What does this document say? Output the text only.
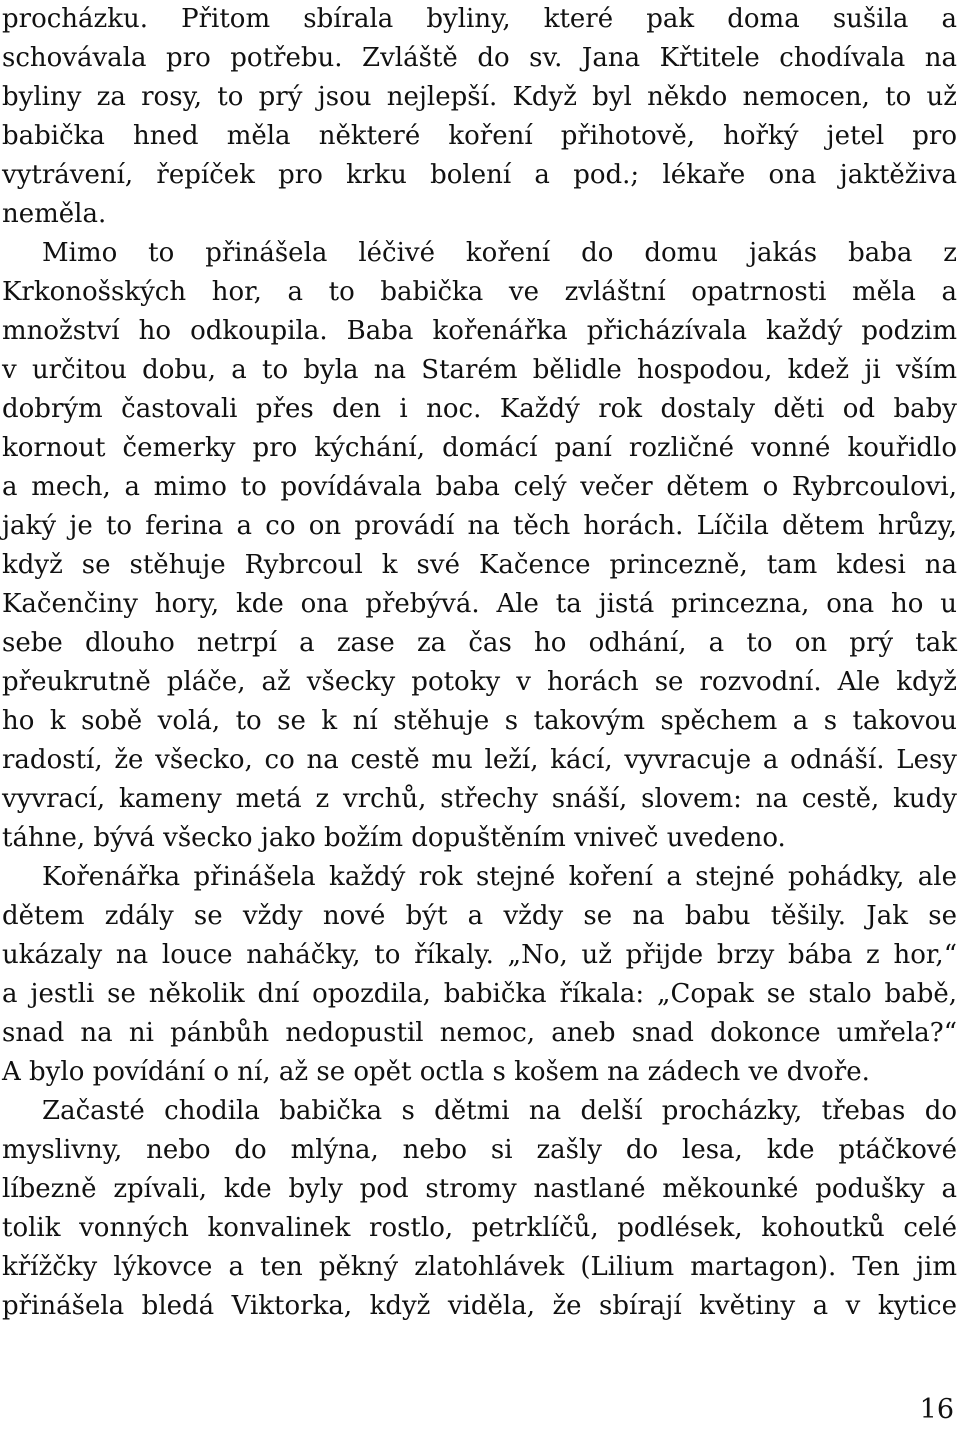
procházku. Přitom sbírala byliny, které pak doma sušila a
schovávala pro potřebu. Zvláště do sv. Jana Křtitele chodívala na
byliny za rosy, to prý jsou nejlepší. Když byl někdo nemocen, to už
babička hned měla některé koření přihotově, hořký jetel pro
vytrávení, řepíček pro krku bolení a pod.; lékaře ona jaktěživa
neměla.
Mimo to přinášela léčivé koření do domu jakás baba z
Krkonošských hor, a to babička ve zvláštní opatrnosti měla a
množství ho odkoupila. Baba kořenářka přicházívala každý podzim
v určitou dobu, a to byla na Starém bělidle hospodou, kdež ji vším
dobrým častovali přes den i noc. Každý rok dostaly děti od baby
kornout čemerky pro kýchání, domácí paní rozličné vonné kouřidlo
a mech, a mimo to povídávala baba celý večer dětem o Rybrcoulovi,
jaký je to ferina a co on provádí na těch horách. Líčila dětem hrůzy,
když se stěhuje Rybrcoul k své Kačence princezně, tam kdesi na
Kačenčiny hory, kde ona přebývá. Ale ta jistá princezna, ona ho u
sebe dlouho netrpí a zase za čas ho odhání, a to on prý tak
přeukrutně pláče, až všecky potoky v horách se rozvodní. Ale když
ho k sobě volá, to se k ní stěhuje s takovým spěchem a s takovou
radostí, že všecko, co na cestě mu leží, kácí, vyvracuje a odnáší. Lesy
vyvrací, kameny metá z vrchů, střechy snáší, slovem: na cestě, kudy
táhne, bývá všecko jako božím dopuštěním vniveč uvedeno.
Kořenářka přinášela každý rok stejné koření a stejné pohádky, ale
dětem zdály se vždy nové být a vždy se na babu těšily. Jak se
ukázaly na louce naháčky, to říkaly. „No, už přijde brzy bába z hor,“
a jestli se několik dní opozdila, babička říkala: „Copak se stalo babě,
snad na ni pánbůh nedopustil nemoc, aneb snad dokonce umřela?“
A bylo povídání o ní, až se opět octla s košem na zádech ve dvoře.
Začasté chodila babička s dětmi na delší procházky, třebas do
myslivny, nebo do mlýna, nebo si zašly do lesa, kde ptáčkové
líbezně zpívali, kde byly pod stromy nastlané měkounké podušky a
tolik vonných konvalinek rostlo, petrklíčů, podlések, kohoutků celé
křížčky lýkovce a ten pěkný zlatohlávek (Lilium martagon). Ten jim
přinášela bledá Viktorka, když viděla, že sbírají květiny a v kytice
16
